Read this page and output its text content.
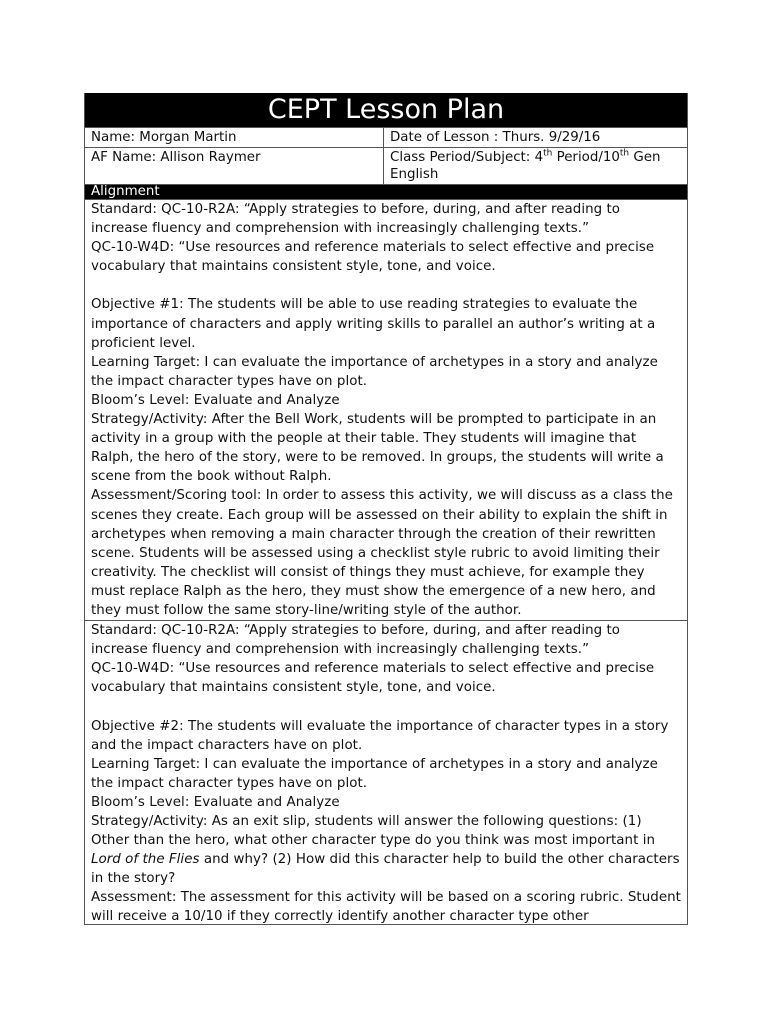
CEPT Lesson Plan
Name: Morgan Martin	Date of Lesson : Thurs. 9/29/16
AF Name: Allison Raymer	Class Period/Subject: 4th Period/10th Gen English
Alignment

Standard: QC-10-R2A: “Apply strategies to before, during, and after reading to increase fluency and comprehension with increasingly challenging texts.”

QC-10-W4D: “Use resources and reference materials to select effective and precise vocabulary that maintains consistent style, tone, and voice.

Objective #1: The students will be able to use reading strategies to evaluate the importance of characters and apply writing skills to parallel an author’s writing at a proficient level.

Learning Target: I can evaluate the importance of archetypes in a story and analyze the impact character types have on plot.

Bloom’s Level: Evaluate and Analyze

Strategy/Activity: After the Bell Work, students will be prompted to participate in an activity in a group with the people at their table. They students will imagine that Ralph, the hero of the story, were to be removed. In groups, the students will write a scene from the book without Ralph.

Assessment/Scoring tool: In order to assess this activity, we will discuss as a class the scenes they create. Each group will be assessed on their ability to explain the shift in archetypes when removing a main character through the creation of their rewritten scene. Students will be assessed using a checklist style rubric to avoid limiting their creativity. The checklist will consist of things they must achieve, for example they must replace Ralph as the hero, they must show the emergence of a new hero, and they must follow the same story-line/writing style of the author.

Standard: QC-10-R2A: “Apply strategies to before, during, and after reading to increase fluency and comprehension with increasingly challenging texts.”

QC-10-W4D: “Use resources and reference materials to select effective and precise vocabulary that maintains consistent style, tone, and voice.

Objective #2: The students will evaluate the importance of character types in a story and the impact characters have on plot.

Learning Target: I can evaluate the importance of archetypes in a story and analyze the impact character types have on plot.

Bloom’s Level: Evaluate and Analyze

Strategy/Activity: As an exit slip, students will answer the following questions: (1) Other than the hero, what other character type do you think was most important in Lord of the Flies and why? (2) How did this character help to build the other characters in the story?

Assessment: The assessment for this activity will be based on a scoring rubric. Student will receive a 10/10 if they correctly identify another character type other
